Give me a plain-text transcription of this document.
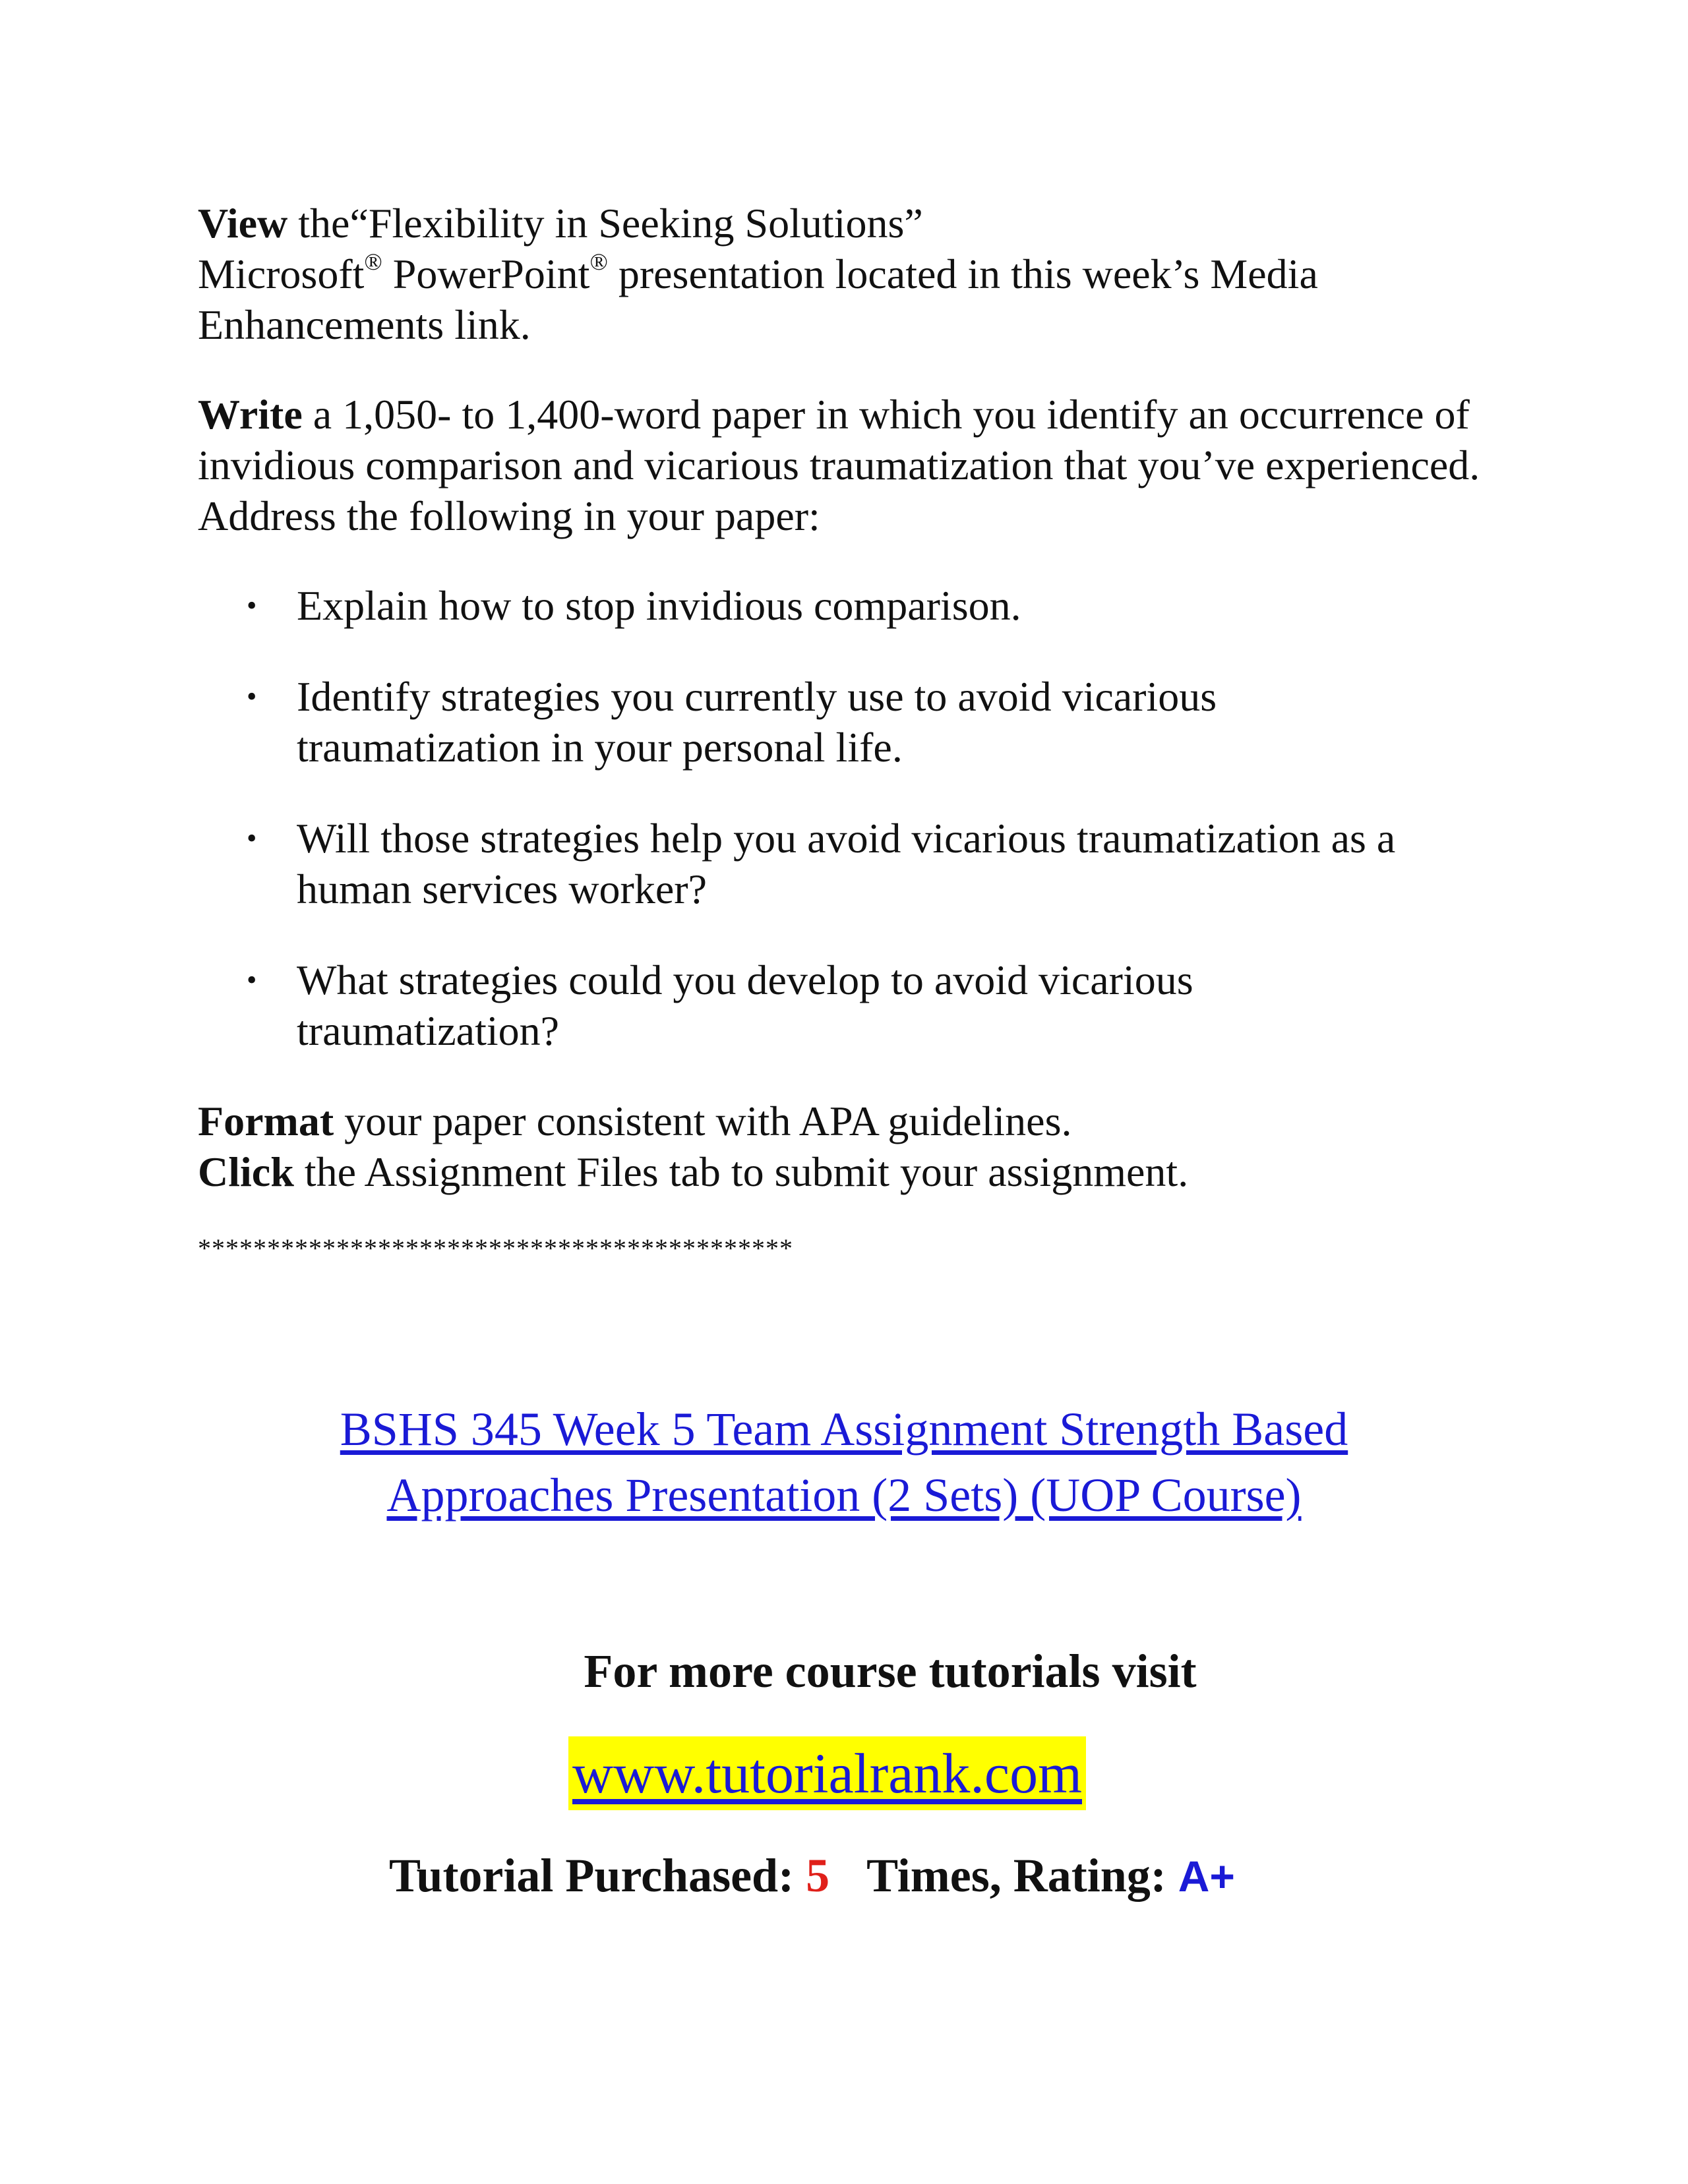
View the“Flexibility in Seeking Solutions”
Microsoft® PowerPoint® presentation located in this week’s Media
Enhancements link.

Write a 1,050- to 1,400-word paper in which you identify an occurrence of invidious comparison and vicarious traumatization that you’ve experienced. Address the following in your paper:

• Explain how to stop invidious comparison.
• Identify strategies you currently use to avoid vicarious traumatization in your personal life.
• Will those strategies help you avoid vicarious traumatization as a human services worker?
• What strategies could you develop to avoid vicarious traumatization?

Format your paper consistent with APA guidelines.
Click the Assignment Files tab to submit your assignment.

*******************************************
BSHS 345 Week 5 Team Assignment Strength Based
Approaches Presentation (2 Sets) (UOP Course)
For more course tutorials visit
www.tutorialrank.com
Tutorial Purchased: 5 Times, Rating: A+
